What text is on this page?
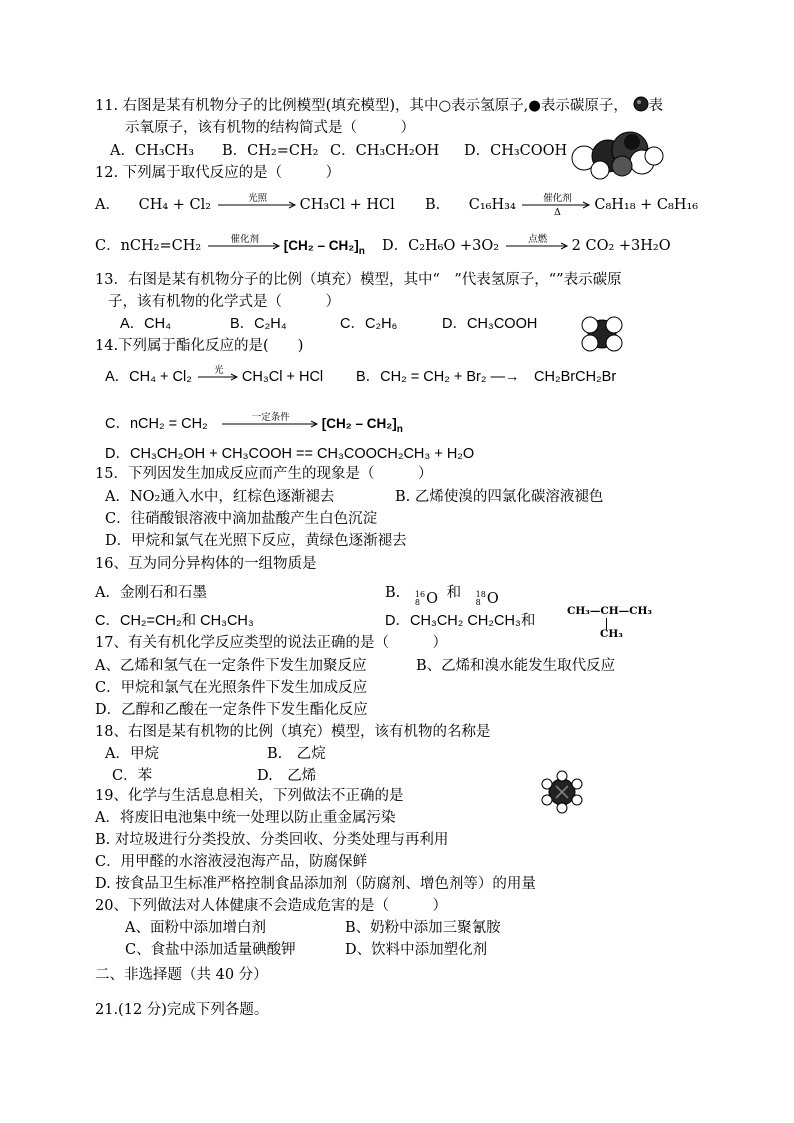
11. 右图是某有机物分子的比例模型(填充模型)，其中○表示氢原子,●表示碳原子， 表
示氧原子，该有机物的结构简式是（　　　）
A．CH₃CH₃ B．CH₂=CH₂ C．CH₃CH₂OH D．CH₃COOH
12. 下列属于取代反应的是（　　　）
A． CH₄ + Cl₂	光照	CH₃Cl + HCl B． C₁₆H₃₄	催化剂
Δ	C₈H₁₈ + C₈H₁₆
C．nCH₂=CH₂	催化剂	$[CH_2 - CH_2]_n$ D．C₂H₆O +3O₂	点燃	2 CO₂ +3H₂O
13．右图是某有机物分子的比例（填充）模型，其中“　”代表氢原子，“”表示碳原
子，该有机物的化学式是（　　　）
A．CH₄	B．C₂H₄	C．C₂H₆	D．CH₃COOH
14.下列属于酯化反应的是(　　)
A．CH₄ + Cl₂	光	CH₃Cl + HCl B．CH₂ = CH₂ + Br₂ —→　CH₂BrCH₂Br
C．nCH₂ = CH₂	一定条件	$[CH_2 - CH_2]_n$
D．CH₃CH₂OH + CH₃COOH == CH₃COOCH₂CH₃ + H₂O
15．下列因发生加成反应而产生的现象是（　　　）
A．NO₂通入水中，红棕色逐渐褪去	B. 乙烯使溴的四氯化碳溶液褪色
C．往硝酸银溶液中滴加盐酸产生白色沉淀
D．甲烷和氯气在光照下反应，黄绿色逐渐褪去
16、互为同分异构体的一组物质是
A．金刚石和石墨	B. 16
8 O 和 18
8 O
C．CH₂=CH₂和 CH₃CH₃	D．CH₃CH₂ CH₂CH₃和
CH₃—CH—CH₃
CH₃
17、有关有机化学反应类型的说法正确的是（　　　）
A、乙烯和氢气在一定条件下发生加聚反应	B、乙烯和溴水能发生取代反应
C．甲烷和氯气在光照条件下发生加成反应
D．乙醇和乙酸在一定条件下发生酯化反应
18、右图是某有机物的比例（填充）模型，该有机物的名称是
A．甲烷	B.　乙烷
C．苯	D.　乙烯
19、化学与生活息息相关，下列做法不正确的是
A．将废旧电池集中统一处理以防止重金属污染
B. 对垃圾进行分类投放、分类回收、分类处理与再利用
C．用甲醛的水溶液浸泡海产品，防腐保鲜
D. 按食品卫生标准严格控制食品添加剂（防腐剂、增色剂等）的用量
20、下列做法对人体健康不会造成危害的是（　　　）
A、面粉中添加增白剂	B、奶粉中添加三聚氰胺
C、食盐中添加适量碘酸钾	D、饮料中添加塑化剂
二、非选择题（共 40 分）
21.(12 分)完成下列各题。
